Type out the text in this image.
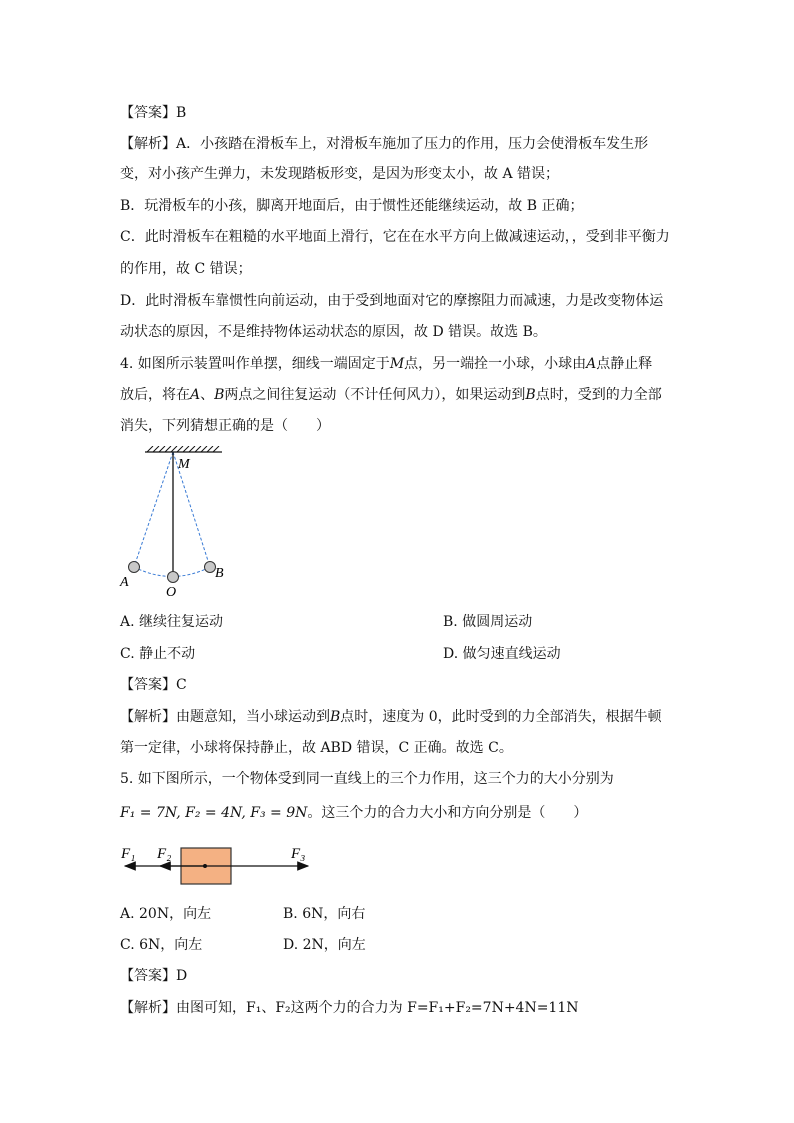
【答案】B
【解析】A．小孩踏在滑板车上，对滑板车施加了压力的作用，压力会使滑板车发生形
变，对小孩产生弹力，未发现踏板形变，是因为形变太小，故 A 错误；
B．玩滑板车的小孩，脚离开地面后，由于惯性还能继续运动，故 B 正确；
C．此时滑板车在粗糙的水平地面上滑行，它在在水平方向上做减速运动，，受到非平衡力
的作用，故 C 错误；
D．此时滑板车靠惯性向前运动，由于受到地面对它的摩擦阻力而减速，力是改变物体运
动状态的原因，不是维持物体运动状态的原因，故 D 错误。故选 B。
4. 如图所示装置叫作单摆，细线一端固定于M点，另一端拴一小球，小球由A点静止释
放后，将在A、B两点之间往复运动（不计任何风力），如果运动到B点时，受到的力全部
消失，下列猜想正确的是（　　）
M
A
O
B
A. 继续往复运动	B. 做圆周运动
C. 静止不动	D. 做匀速直线运动
【答案】C
【解析】由题意知，当小球运动到B点时，速度为 0，此时受到的力全部消失，根据牛顿
第一定律，小球将保持静止，故 ABD 错误，C 正确。故选 C。
5. 如下图所示，一个物体受到同一直线上的三个力作用，这三个力的大小分别为
F₁ = 7N, F₂ = 4N, F₃ = 9N。这三个力的合力大小和方向分别是（　　）
F₁ F₂	F₃
A. 20N，向左	B. 6N，向右
C. 6N，向左	D. 2N，向左
【答案】D
【解析】由图可知，F₁、F₂这两个力的合力为 F=F₁+F₂=7N+4N=11N
